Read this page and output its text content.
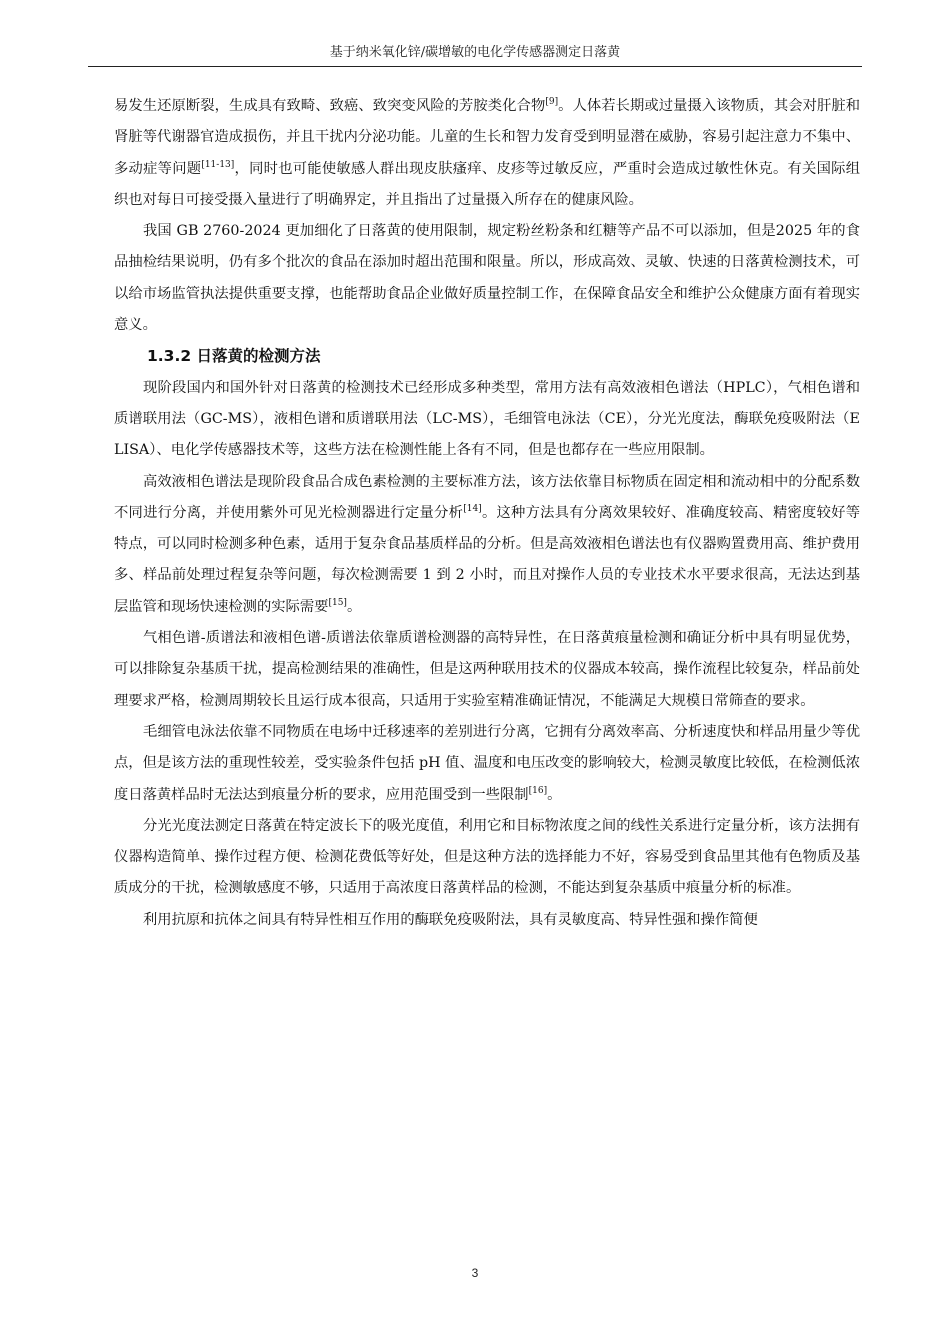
基于纳米氧化锌/碳增敏的电化学传感器测定日落黄

易发生还原断裂，生成具有致畸、致癌、致突变风险的芳胺类化合物[9]。人体若长期或过量摄入该物质，其会对肝脏和肾脏等代谢器官造成损伤，并且干扰内分泌功能。儿童的生长和智力发育受到明显潜在威胁，容易引起注意力不集中、多动症等问题[11-13]，同时也可能使敏感人群出现皮肤瘙痒、皮疹等过敏反应，严重时会造成过敏性休克。有关国际组织也对每日可接受摄入量进行了明确界定，并且指出了过量摄入所存在的健康风险。

我国 GB 2760-2024 更加细化了日落黄的使用限制，规定粉丝粉条和红糖等产品不可以添加，但是2025 年的食品抽检结果说明，仍有多个批次的食品在添加时超出范围和限量。所以，形成高效、灵敏、快速的日落黄检测技术，可以给市场监管执法提供重要支撑，也能帮助食品企业做好质量控制工作，在保障食品安全和维护公众健康方面有着现实意义。

1.3.2 日落黄的检测方法

现阶段国内和国外针对日落黄的检测技术已经形成多种类型，常用方法有高效液相色谱法（HPLC），气相色谱和质谱联用法（GC-MS），液相色谱和质谱联用法（LC-MS），毛细管电泳法（CE），分光光度法，酶联免疫吸附法（ELISA）、电化学传感器技术等，这些方法在检测性能上各有不同，但是也都存在一些应用限制。

高效液相色谱法是现阶段食品合成色素检测的主要标准方法，该方法依靠目标物质在固定相和流动相中的分配系数不同进行分离，并使用紫外可见光检测器进行定量分析[14]。这种方法具有分离效果较好、准确度较高、精密度较好等特点，可以同时检测多种色素，适用于复杂食品基质样品的分析。但是高效液相色谱法也有仪器购置费用高、维护费用多、样品前处理过程复杂等问题，每次检测需要 1 到 2 小时，而且对操作人员的专业技术水平要求很高，无法达到基层监管和现场快速检测的实际需要[15]。

气相色谱-质谱法和液相色谱-质谱法依靠质谱检测器的高特异性，在日落黄痕量检测和确证分析中具有明显优势，可以排除复杂基质干扰，提高检测结果的准确性，但是这两种联用技术的仪器成本较高，操作流程比较复杂，样品前处理要求严格，检测周期较长且运行成本很高，只适用于实验室精准确证情况，不能满足大规模日常筛查的要求。

毛细管电泳法依靠不同物质在电场中迁移速率的差别进行分离，它拥有分离效率高、分析速度快和样品用量少等优点，但是该方法的重现性较差，受实验条件包括 pH 值、温度和电压改变的影响较大，检测灵敏度比较低，在检测低浓度日落黄样品时无法达到痕量分析的要求，应用范围受到一些限制[16]。

分光光度法测定日落黄在特定波长下的吸光度值，利用它和目标物浓度之间的线性关系进行定量分析，该方法拥有仪器构造简单、操作过程方便、检测花费低等好处，但是这种方法的选择能力不好，容易受到食品里其他有色物质及基质成分的干扰，检测敏感度不够，只适用于高浓度日落黄样品的检测，不能达到复杂基质中痕量分析的标准。

利用抗原和抗体之间具有特异性相互作用的酶联免疫吸附法，具有灵敏度高、特异性强和操作简便

3
